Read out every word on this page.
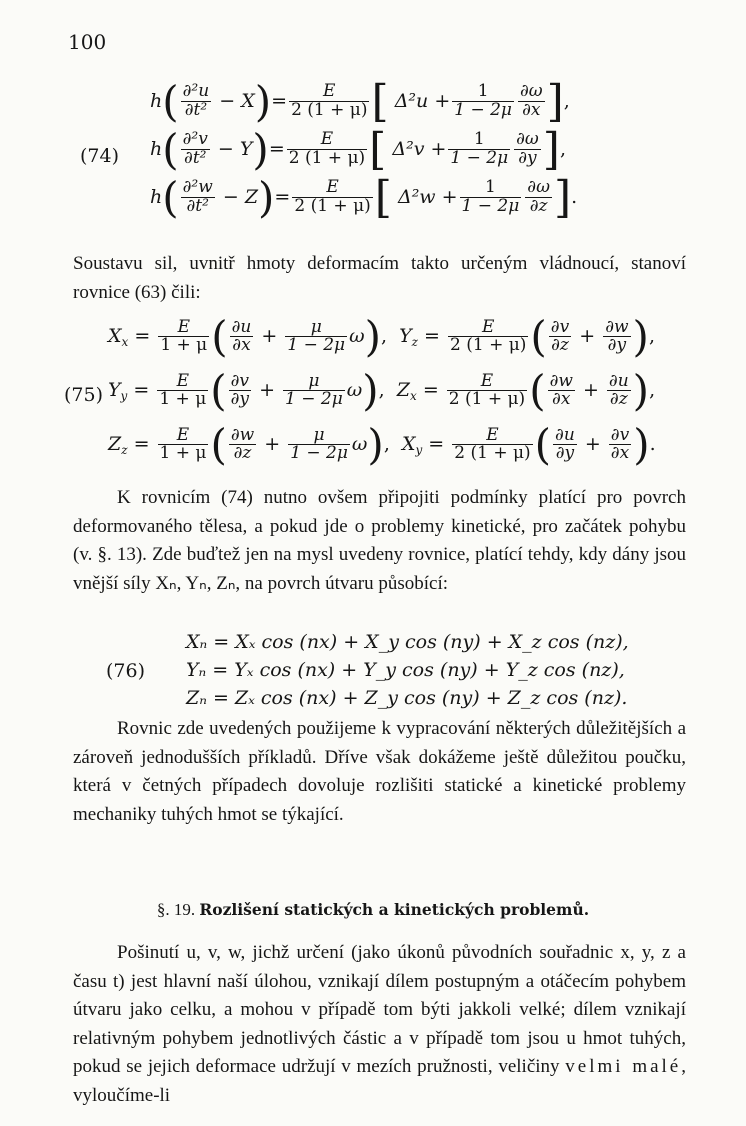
100
(74)
$h( \frac{\text{∂²u}}{\text{∂t²}} - X)= \frac{E}{2 (1 + \mu)}$ [ $\Delta^2u + \frac{1}{1 - 2\mu} \frac{\partial\omega}{\partial x}$ ],
$h( \frac{\text{∂²v}}{\text{∂t²}} - Y)= \frac{E}{2 (1 + \mu)}$ [ $\Delta^2v + \frac{1}{1 - 2\mu} \frac{\partial\omega}{\partial y}$ ],
$h( \frac{\text{∂²w}}{\text{∂t²}} - Z)= \frac{E}{2 (1 + \mu)}$ [ $\Delta^2w + \frac{1}{1 - 2\mu} \frac{\partial\omega}{\partial z}$ ].
Soustavu sil, uvnitř hmoty deformacím takto určeným vládnoucí, stanoví rovnice (63) čili:
(75)
$X_x = \frac{E}{1 + \mu}$ ( $\frac{\partial u}{\partial x} + \frac{\mu}{1 - 2\mu} \omega$),  $Y_z = \frac{E}{2 (1 + \mu)}$ ( $\frac{\partial v}{\partial z} + \frac{\partial w}{\partial y}$ ),
$Y_y = \frac{E}{1 + \mu}$ ( $\frac{\partial v}{\partial y} + \frac{\mu}{1 - 2\mu} \omega$),  $Z_x = \frac{E}{2 (1 + \mu)}$ ( $\frac{\partial w}{\partial x} + \frac{\partial u}{\partial z}$ ),
$Z_z = \frac{E}{1 + \mu}$ ( $\frac{\partial w}{\partial z} + \frac{\mu}{1 - 2\mu} \omega$),  $X_y = \frac{E}{2 (1 + \mu)}$ ( $\frac{\partial u}{\partial y} + \frac{\partial v}{\partial x}$ ).
K rovnicím (74) nutno ovšem připojiti podmínky platící pro povrch deformovaného tělesa, a pokud jde o problemy kinetické, pro začátek pohybu (v. §. 13). Zde buďtež jen na mysl uvedeny rovnice, platící tehdy, kdy dány jsou vnější síly Xₙ, Yₙ, Zₙ, na povrch útvaru působící:
(76)
Xₙ = Xₓ cos (nx) + X_y cos (ny) + X_z cos (nz),
Yₙ = Yₓ cos (nx) + Y_y cos (ny) + Y_z cos (nz),
Zₙ = Zₓ cos (nx) + Z_y cos (ny) + Z_z cos (nz).
Rovnic zde uvedených použijeme k vypracování některých důležitějších a zároveň jednodušších příkladů. Dříve však dokážeme ještě důležitou poučku, která v četných případech dovoluje rozlišiti statické a kinetické problemy mechaniky tuhých hmot se týkající.
§. 19. Rozlišení statických a kinetických problemů.
Pošinutí u, v, w, jichž určení (jako úkonů původních souřadnic x, y, z a času t) jest hlavní naší úlohou, vznikají dílem postupným a otáčecím pohybem útvaru jako celku, a mohou v případě tom býti jakkoli velké; dílem vznikají relativným pohybem jednotlivých částic a v případě tom jsou u hmot tuhých, pokud se jejich deformace udržují v mezích pružnosti, veličiny velmi malé, vyloučíme-li
